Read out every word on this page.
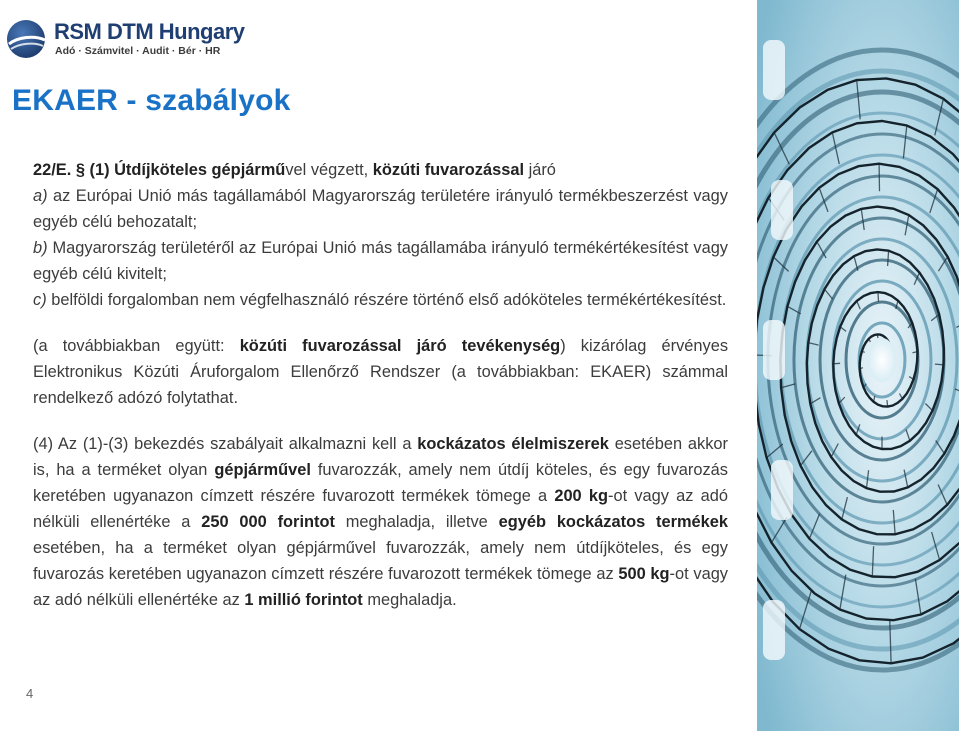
RSM DTM Hungary
Adó · Számvitel · Audit · Bér · HR
EKAER - szabályok

22/E. § (1) Útdíjköteles gépjárművel végzett, közúti fuvarozással járó
a) az Európai Unió más tagállamából Magyarország területére irányuló termékbeszerzést vagy egyéb célú behozatalt;
b) Magyarország területéről az Európai Unió más tagállamába irányuló termékértékesítést vagy egyéb célú kivitelt;
c) belföldi forgalomban nem végfelhasználó részére történő első adóköteles termékértékesítést.

(a továbbiakban együtt: közúti fuvarozással járó tevékenység) kizárólag érvényes Elektronikus Közúti Áruforgalom Ellenőrző Rendszer (a továbbiakban: EKAER) számmal rendelkező adózó folytathat.

(4) Az (1)-(3) bekezdés szabályait alkalmazni kell a kockázatos élelmiszerek esetében akkor is, ha a terméket olyan gépjárművel fuvarozzák, amely nem útdíj köteles, és egy fuvarozás keretében ugyanazon címzett részére fuvarozott termékek tömege a 200 kg-ot vagy az adó nélküli ellenértéke a 250 000 forintot meghaladja, illetve egyéb kockázatos termékek esetében, ha a terméket olyan gépjárművel fuvarozzák, amely nem útdíjköteles, és egy fuvarozás keretében ugyanazon címzett részére fuvarozott termékek tömege az 500 kg-ot vagy az adó nélküli ellenértéke az 1 millió forintot meghaladja.

4
